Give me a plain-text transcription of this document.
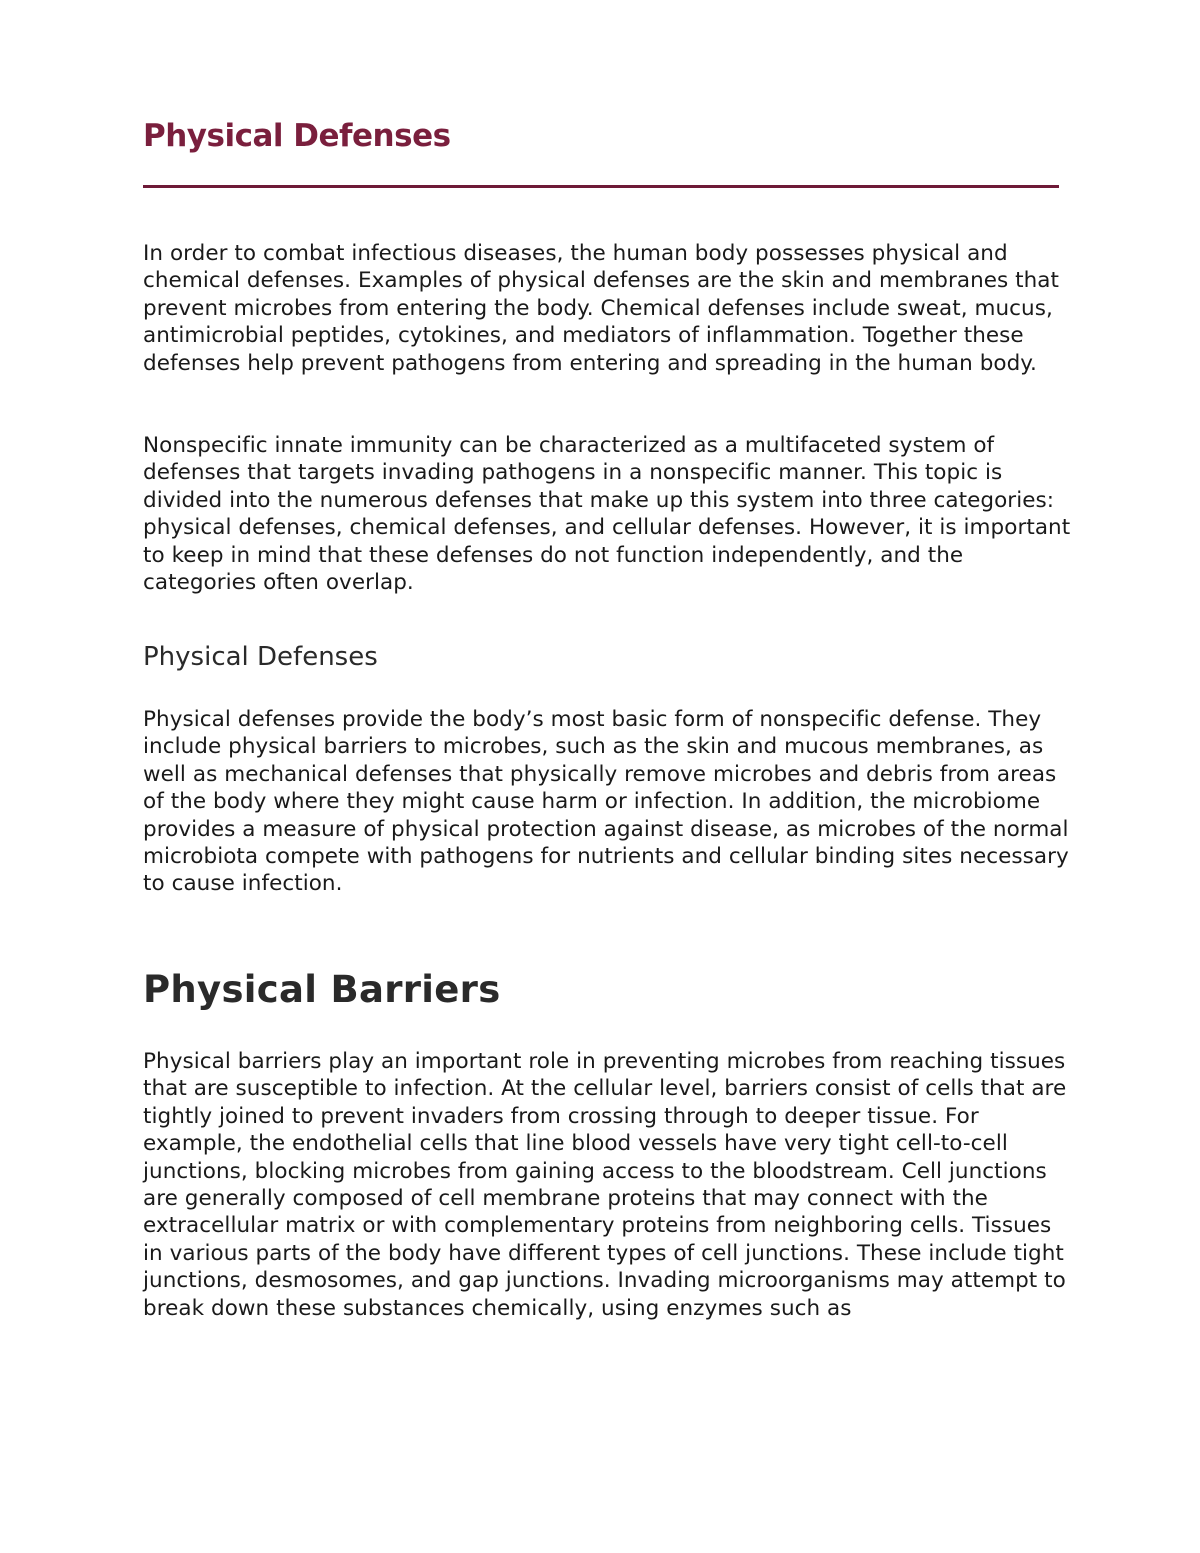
Physical Defenses

In order to combat infectious diseases, the human body possesses physical and chemical defenses. Examples of physical defenses are the skin and membranes that prevent microbes from entering the body. Chemical defenses include sweat, mucus, antimicrobial peptides, cytokines, and mediators of inflammation. Together these defenses help prevent pathogens from entering and spreading in the human body.

Nonspecific innate immunity can be characterized as a multifaceted system of defenses that targets invading pathogens in a nonspecific manner. This topic is divided into the numerous defenses that make up this system into three categories: physical defenses, chemical defenses, and cellular defenses. However, it is important to keep in mind that these defenses do not function independently, and the categories often overlap.

Physical Defenses

Physical defenses provide the body’s most basic form of nonspecific defense. They include physical barriers to microbes, such as the skin and mucous membranes, as well as mechanical defenses that physically remove microbes and debris from areas of the body where they might cause harm or infection. In addition, the microbiome provides a measure of physical protection against disease, as microbes of the normal microbiota compete with pathogens for nutrients and cellular binding sites necessary to cause infection.

Physical Barriers

Physical barriers play an important role in preventing microbes from reaching tissues that are susceptible to infection. At the cellular level, barriers consist of cells that are tightly joined to prevent invaders from crossing through to deeper tissue. For example, the endothelial cells that line blood vessels have very tight cell-to-cell junctions, blocking microbes from gaining access to the bloodstream. Cell junctions are generally composed of cell membrane proteins that may connect with the extracellular matrix or with complementary proteins from neighboring cells. Tissues in various parts of the body have different types of cell junctions. These include tight junctions, desmosomes, and gap junctions. Invading microorganisms may attempt to break down these substances chemically, using enzymes such as
